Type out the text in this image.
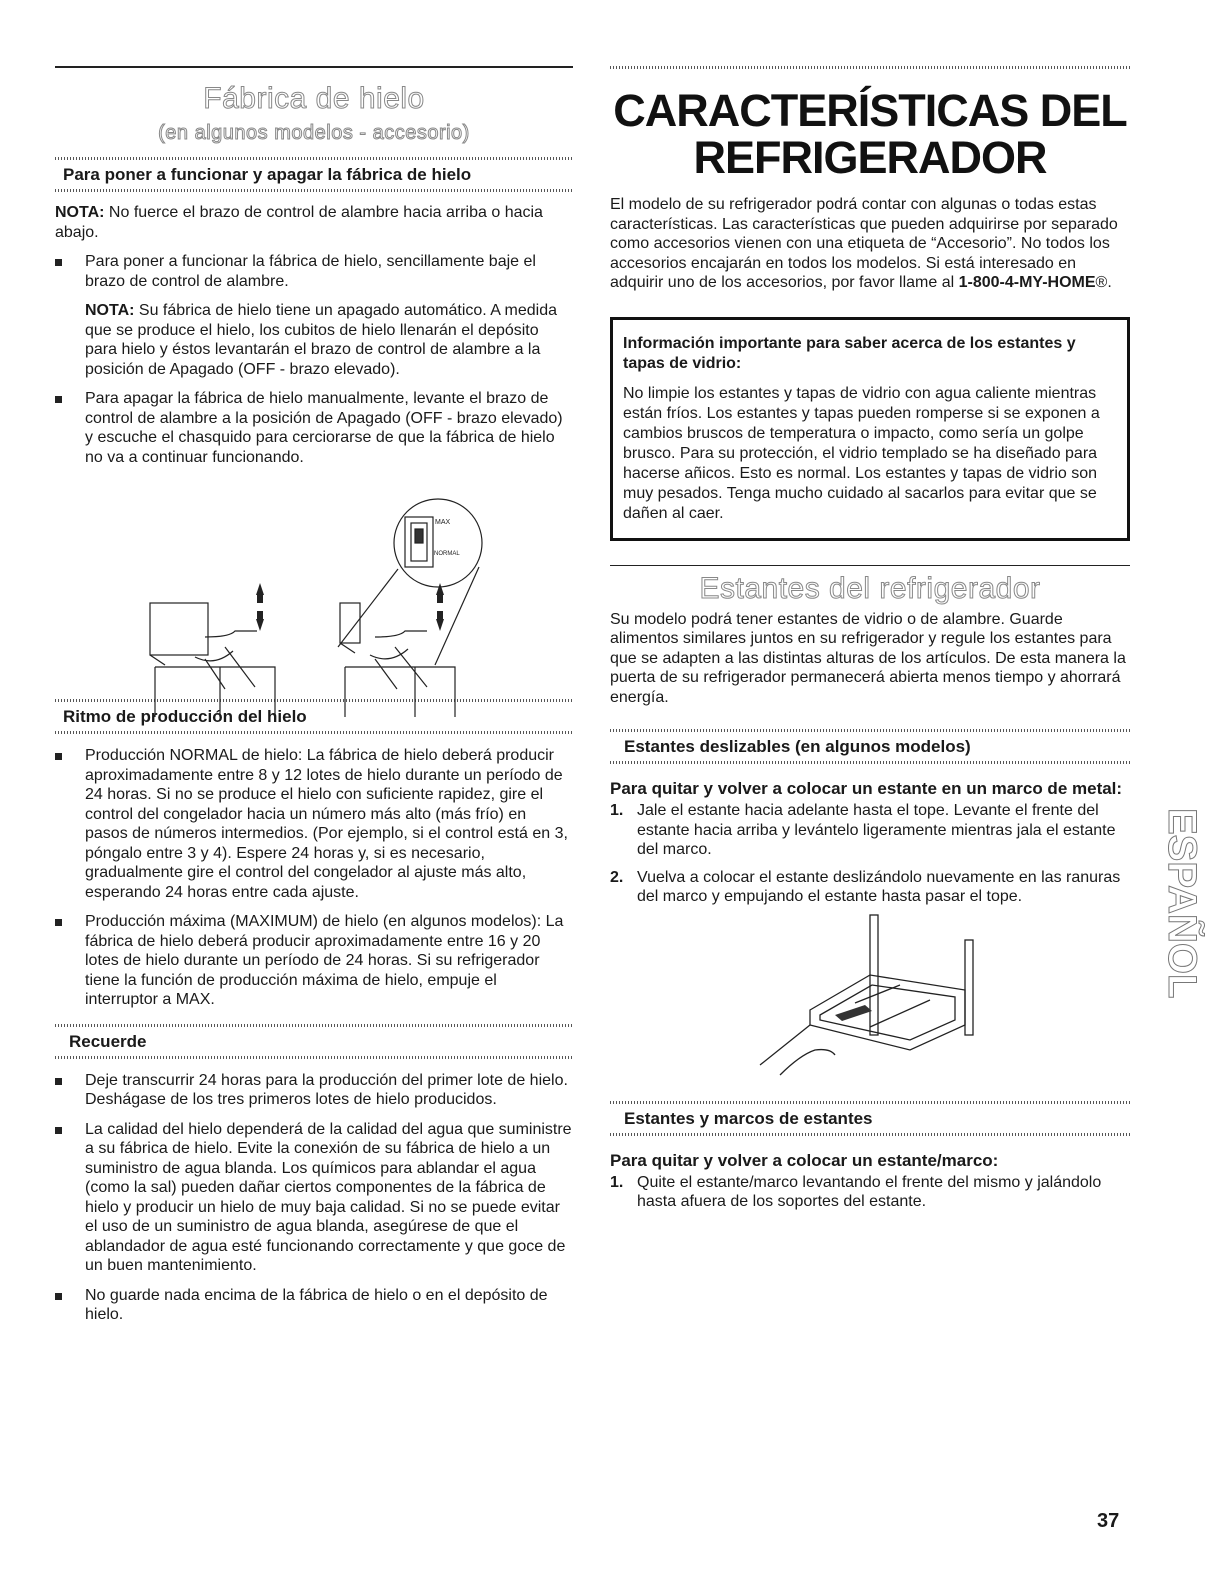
Fábrica de hielo
(en algunos modelos - accesorio)
Para poner a funcionar y apagar la fábrica de hielo

NOTA: No fuerce el brazo de control de alambre hacia arriba o hacia abajo.

Para poner a funcionar la fábrica de hielo, sencillamente baje el brazo de control de alambre.

NOTA: Su fábrica de hielo tiene un apagado automático. A medida que se produce el hielo, los cubitos de hielo llenarán el depósito para hielo y éstos levantarán el brazo de control de alambre a la posición de Apagado (OFF - brazo elevado).

Para apagar la fábrica de hielo manualmente, levante el brazo de control de alambre a la posición de Apagado (OFF - brazo elevado) y escuche el chasquido para cerciorarse de que la fábrica de hielo no va a continuar funcionando.
MAX
NORMAL
Ritmo de producción del hielo
Producción NORMAL de hielo: La fábrica de hielo deberá producir aproximadamente entre 8 y 12 lotes de hielo durante un período de 24 horas. Si no se produce el hielo con suficiente rapidez, gire el control del congelador hacia un número más alto (más frío) en pasos de números intermedios. (Por ejemplo, si el control está en 3, póngalo entre 3 y 4). Espere 24 horas y, si es necesario, gradualmente gire el control del congelador al ajuste más alto, esperando 24 horas entre cada ajuste.
Producción máxima (MAXIMUM) de hielo (en algunos modelos): La fábrica de hielo deberá producir aproximadamente entre 16 y 20 lotes de hielo durante un período de 24 horas. Si su refrigerador tiene la función de producción máxima de hielo, empuje el interruptor a MAX.
Recuerde
Deje transcurrir 24 horas para la producción del primer lote de hielo. Deshágase de los tres primeros lotes de hielo producidos.
La calidad del hielo dependerá de la calidad del agua que suministre a su fábrica de hielo. Evite la conexión de su fábrica de hielo a un suministro de agua blanda. Los químicos para ablandar el agua (como la sal) pueden dañar ciertos componentes de la fábrica de hielo y producir un hielo de muy baja calidad. Si no se puede evitar el uso de un suministro de agua blanda, asegúrese de que el ablandador de agua esté funcionando correctamente y que goce de un buen mantenimiento.
No guarde nada encima de la fábrica de hielo o en el depósito de hielo.
CARACTERÍSTICAS DEL
REFRIGERADOR

El modelo de su refrigerador podrá contar con algunas o todas estas características. Las características que pueden adquirirse por separado como accesorios vienen con una etiqueta de “Accesorio”. No todos los accesorios encajarán en todos los modelos. Si está interesado en adquirir uno de los accesorios, por favor llame al 1-800-4-MY-HOME®.

Información importante para saber acerca de los estantes y tapas de vidrio:

No limpie los estantes y tapas de vidrio con agua caliente mientras están fríos. Los estantes y tapas pueden romperse si se exponen a cambios bruscos de temperatura o impacto, como sería un golpe brusco. Para su protección, el vidrio templado se ha diseñado para hacerse añicos. Esto es normal. Los estantes y tapas de vidrio son muy pesados. Tenga mucho cuidado al sacarlos para evitar que se dañen al caer.

Estantes del refrigerador

Su modelo podrá tener estantes de vidrio o de alambre. Guarde alimentos similares juntos en su refrigerador y regule los estantes para que se adapten a las distintas alturas de los artículos. De esta manera la puerta de su refrigerador permanecerá abierta menos tiempo y ahorrará energía.

Estantes deslizables (en algunos modelos)

Para quitar y volver a colocar un estante en un marco de metal:

1. Jale el estante hacia adelante hasta el tope. Levante el frente del estante hacia arriba y levántelo ligeramente mientras jala el estante del marco.
2. Vuelva a colocar el estante deslizándolo nuevamente en las ranuras del marco y empujando el estante hasta pasar el tope.
Estantes y marcos de estantes

Para quitar y volver a colocar un estante/marco:

1. Quite el estante/marco levantando el frente del mismo y jalándolo hasta afuera de los soportes del estante.
ESPAÑOL
37
